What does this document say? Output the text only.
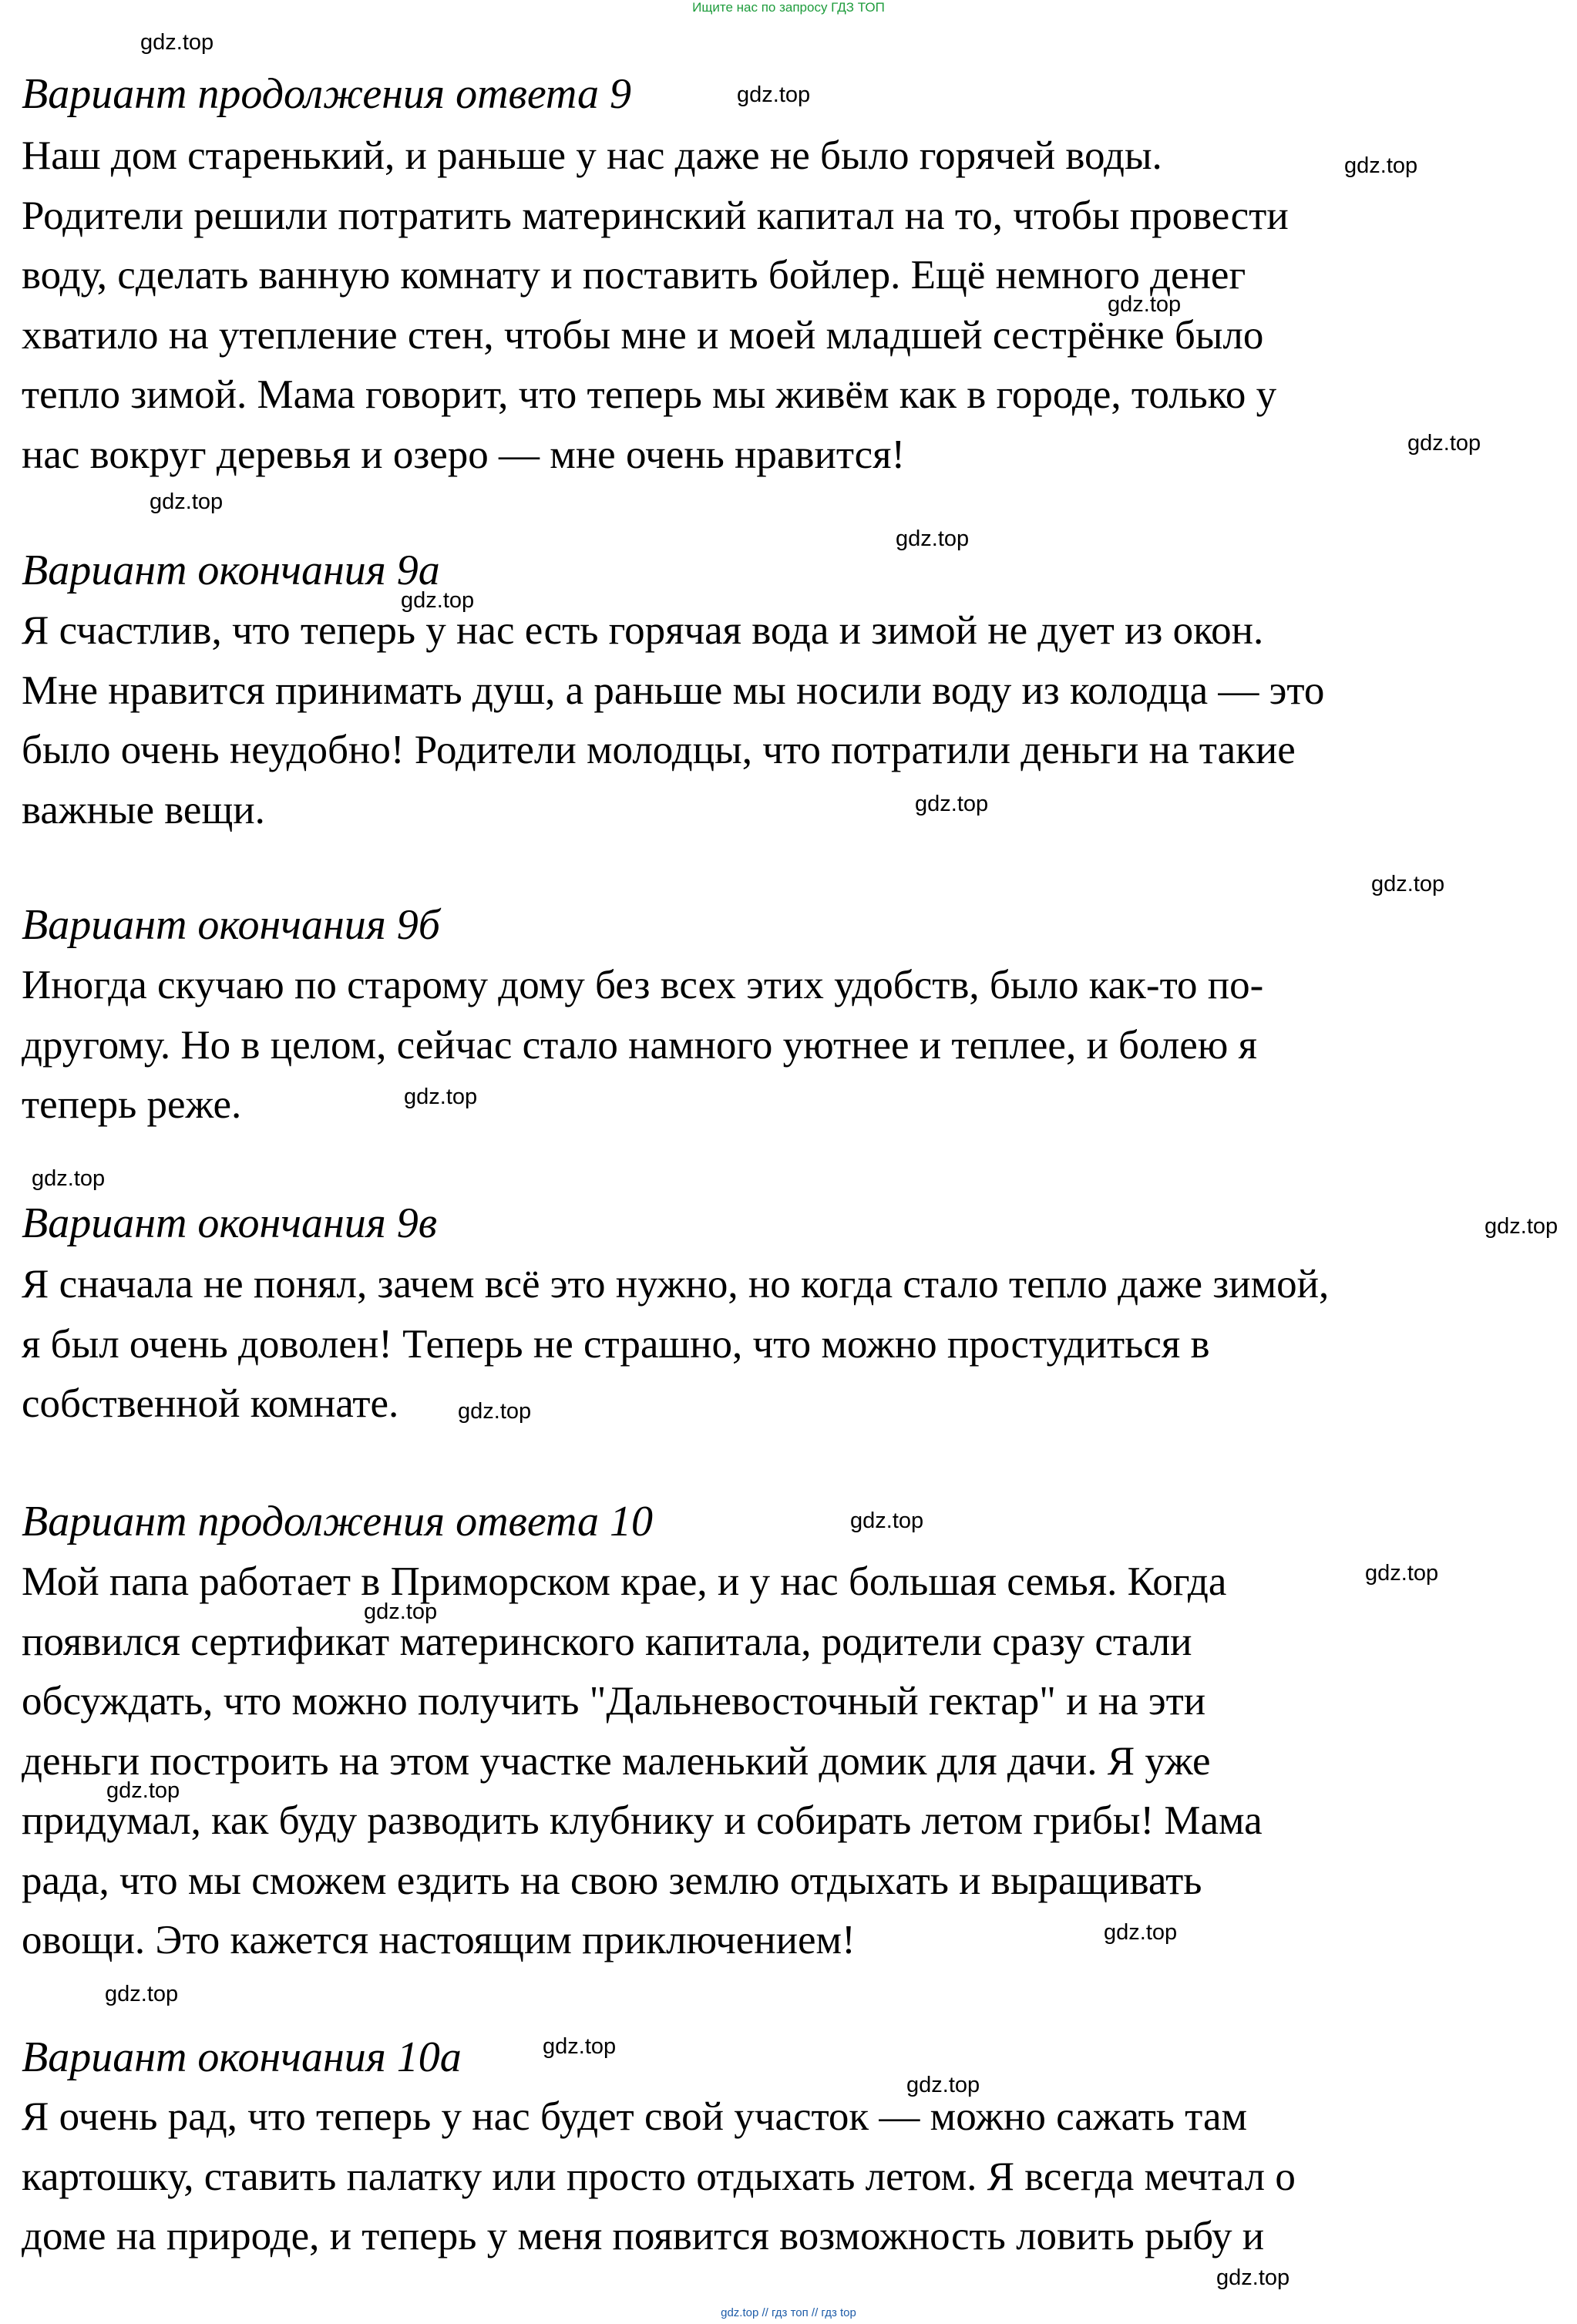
Ищите нас по запросу ГДЗ ТОП
Вариант продолжения ответа 9

Наш дом старенький, и раньше у нас даже не было горячей воды.
Родители решили потратить материнский капитал на то, чтобы провести
воду, сделать ванную комнату и поставить бойлер. Ещё немного денег
хватило на утепление стен, чтобы мне и моей младшей сестрёнке было
тепло зимой. Мама говорит, что теперь мы живём как в городе, только у
нас вокруг деревья и озеро — мне очень нравится!

Вариант окончания 9а

Я счастлив, что теперь у нас есть горячая вода и зимой не дует из окон.
Мне нравится принимать душ, а раньше мы носили воду из колодца — это
было очень неудобно! Родители молодцы, что потратили деньги на такие
важные вещи.

Вариант окончания 9б

Иногда скучаю по старому дому без всех этих удобств, было как-то по-
другому. Но в целом, сейчас стало намного уютнее и теплее, и болею я
теперь реже.

Вариант окончания 9в

Я сначала не понял, зачем всё это нужно, но когда стало тепло даже зимой,
я был очень доволен! Теперь не страшно, что можно простудиться в
собственной комнате.

Вариант продолжения ответа 10

Мой папа работает в Приморском крае, и у нас большая семья. Когда
появился сертификат материнского капитала, родители сразу стали
обсуждать, что можно получить "Дальневосточный гектар" и на эти
деньги построить на этом участке маленький домик для дачи. Я уже
придумал, как буду разводить клубнику и собирать летом грибы! Мама
рада, что мы сможем ездить на свою землю отдыхать и выращивать
овощи. Это кажется настоящим приключением!

Вариант окончания 10а

Я очень рад, что теперь у нас будет свой участок — можно сажать там
картошку, ставить палатку или просто отдыхать летом. Я всегда мечтал о
доме на природе, и теперь у меня появится возможность ловить рыбу и

gdz.top
gdz.top
gdz.top
gdz.top
gdz.top
gdz.top
gdz.top
gdz.top
gdz.top
gdz.top
gdz.top
gdz.top
gdz.top
gdz.top
gdz.top
gdz.top
gdz.top
gdz.top
gdz.top
gdz.top
gdz.top
gdz.top
gdz.top
gdz.top // гдз топ // гдз top
